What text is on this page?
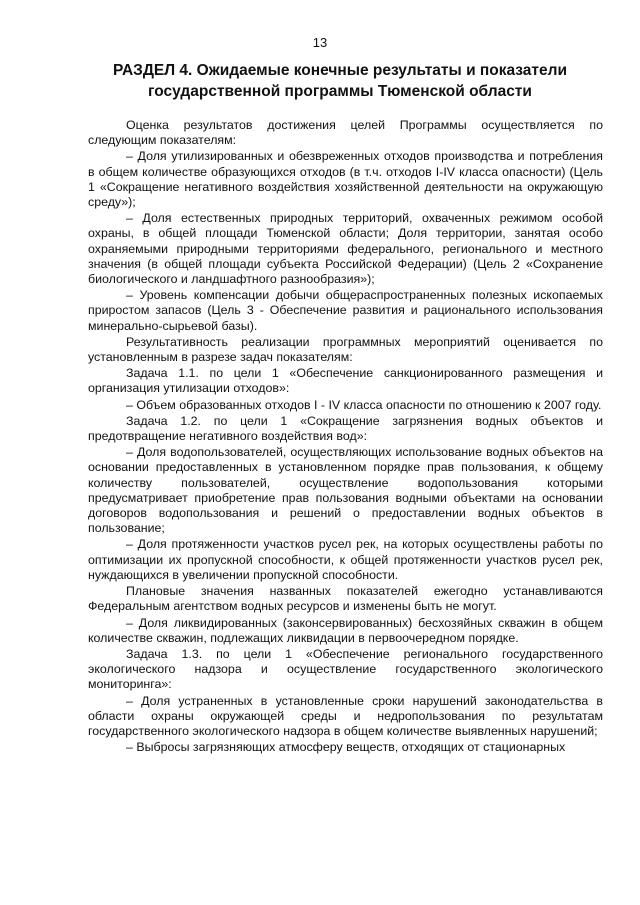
13
РАЗДЕЛ 4. Ожидаемые конечные результаты и показатели
государственной программы Тюменской области

Оценка результатов достижения целей Программы осуществляется по следующим показателям:

– Доля утилизированных и обезвреженных отходов производства и потребления в общем количестве образующихся отходов (в т.ч. отходов I-IV класса опасности) (Цель 1 «Сокращение негативного воздействия хозяйственной деятельности на окружающую среду»);

– Доля естественных природных территорий, охваченных режимом особой охраны, в общей площади Тюменской области; Доля территории, занятая особо охраняемыми природными территориями федерального, регионального и местного значения (в общей площади субъекта Российской Федерации) (Цель 2 «Сохранение биологического и ландшафтного разнообразия»);

– Уровень компенсации добычи общераспространенных полезных ископаемых приростом запасов (Цель 3 - Обеспечение развития и рационального использования минерально-сырьевой базы).

Результативность реализации программных мероприятий оценивается по установленным в разрезе задач показателям:

Задача 1.1. по цели 1 «Обеспечение санкционированного размещения и организация утилизации отходов»:

– Объем образованных отходов I - IV класса опасности по отношению к 2007 году.

Задача 1.2. по цели 1 «Сокращение загрязнения водных объектов и предотвращение негативного воздействия вод»:

– Доля водопользователей, осуществляющих использование водных объектов на основании предоставленных в установленном порядке прав пользования, к общему количеству пользователей, осуществление водопользования которыми предусматривает приобретение прав пользования водными объектами на основании договоров водопользования и решений о предоставлении водных объектов в пользование;

– Доля протяженности участков русел рек, на которых осуществлены работы по оптимизации их пропускной способности, к общей протяженности участков русел рек, нуждающихся в увеличении пропускной способности.

Плановые значения названных показателей ежегодно устанавливаются Федеральным агентством водных ресурсов и изменены быть не могут.

– Доля ликвидированных (законсервированных) бесхозяйных скважин в общем количестве скважин, подлежащих ликвидации в первоочередном порядке.

Задача 1.3. по цели 1 «Обеспечение регионального государственного экологического надзора и осуществление государственного экологического мониторинга»:

– Доля устраненных в установленные сроки нарушений законодательства в области охраны окружающей среды и недропользования по результатам государственного экологического надзора в общем количестве выявленных нарушений;

– Выбросы загрязняющих атмосферу веществ, отходящих от стационарных
